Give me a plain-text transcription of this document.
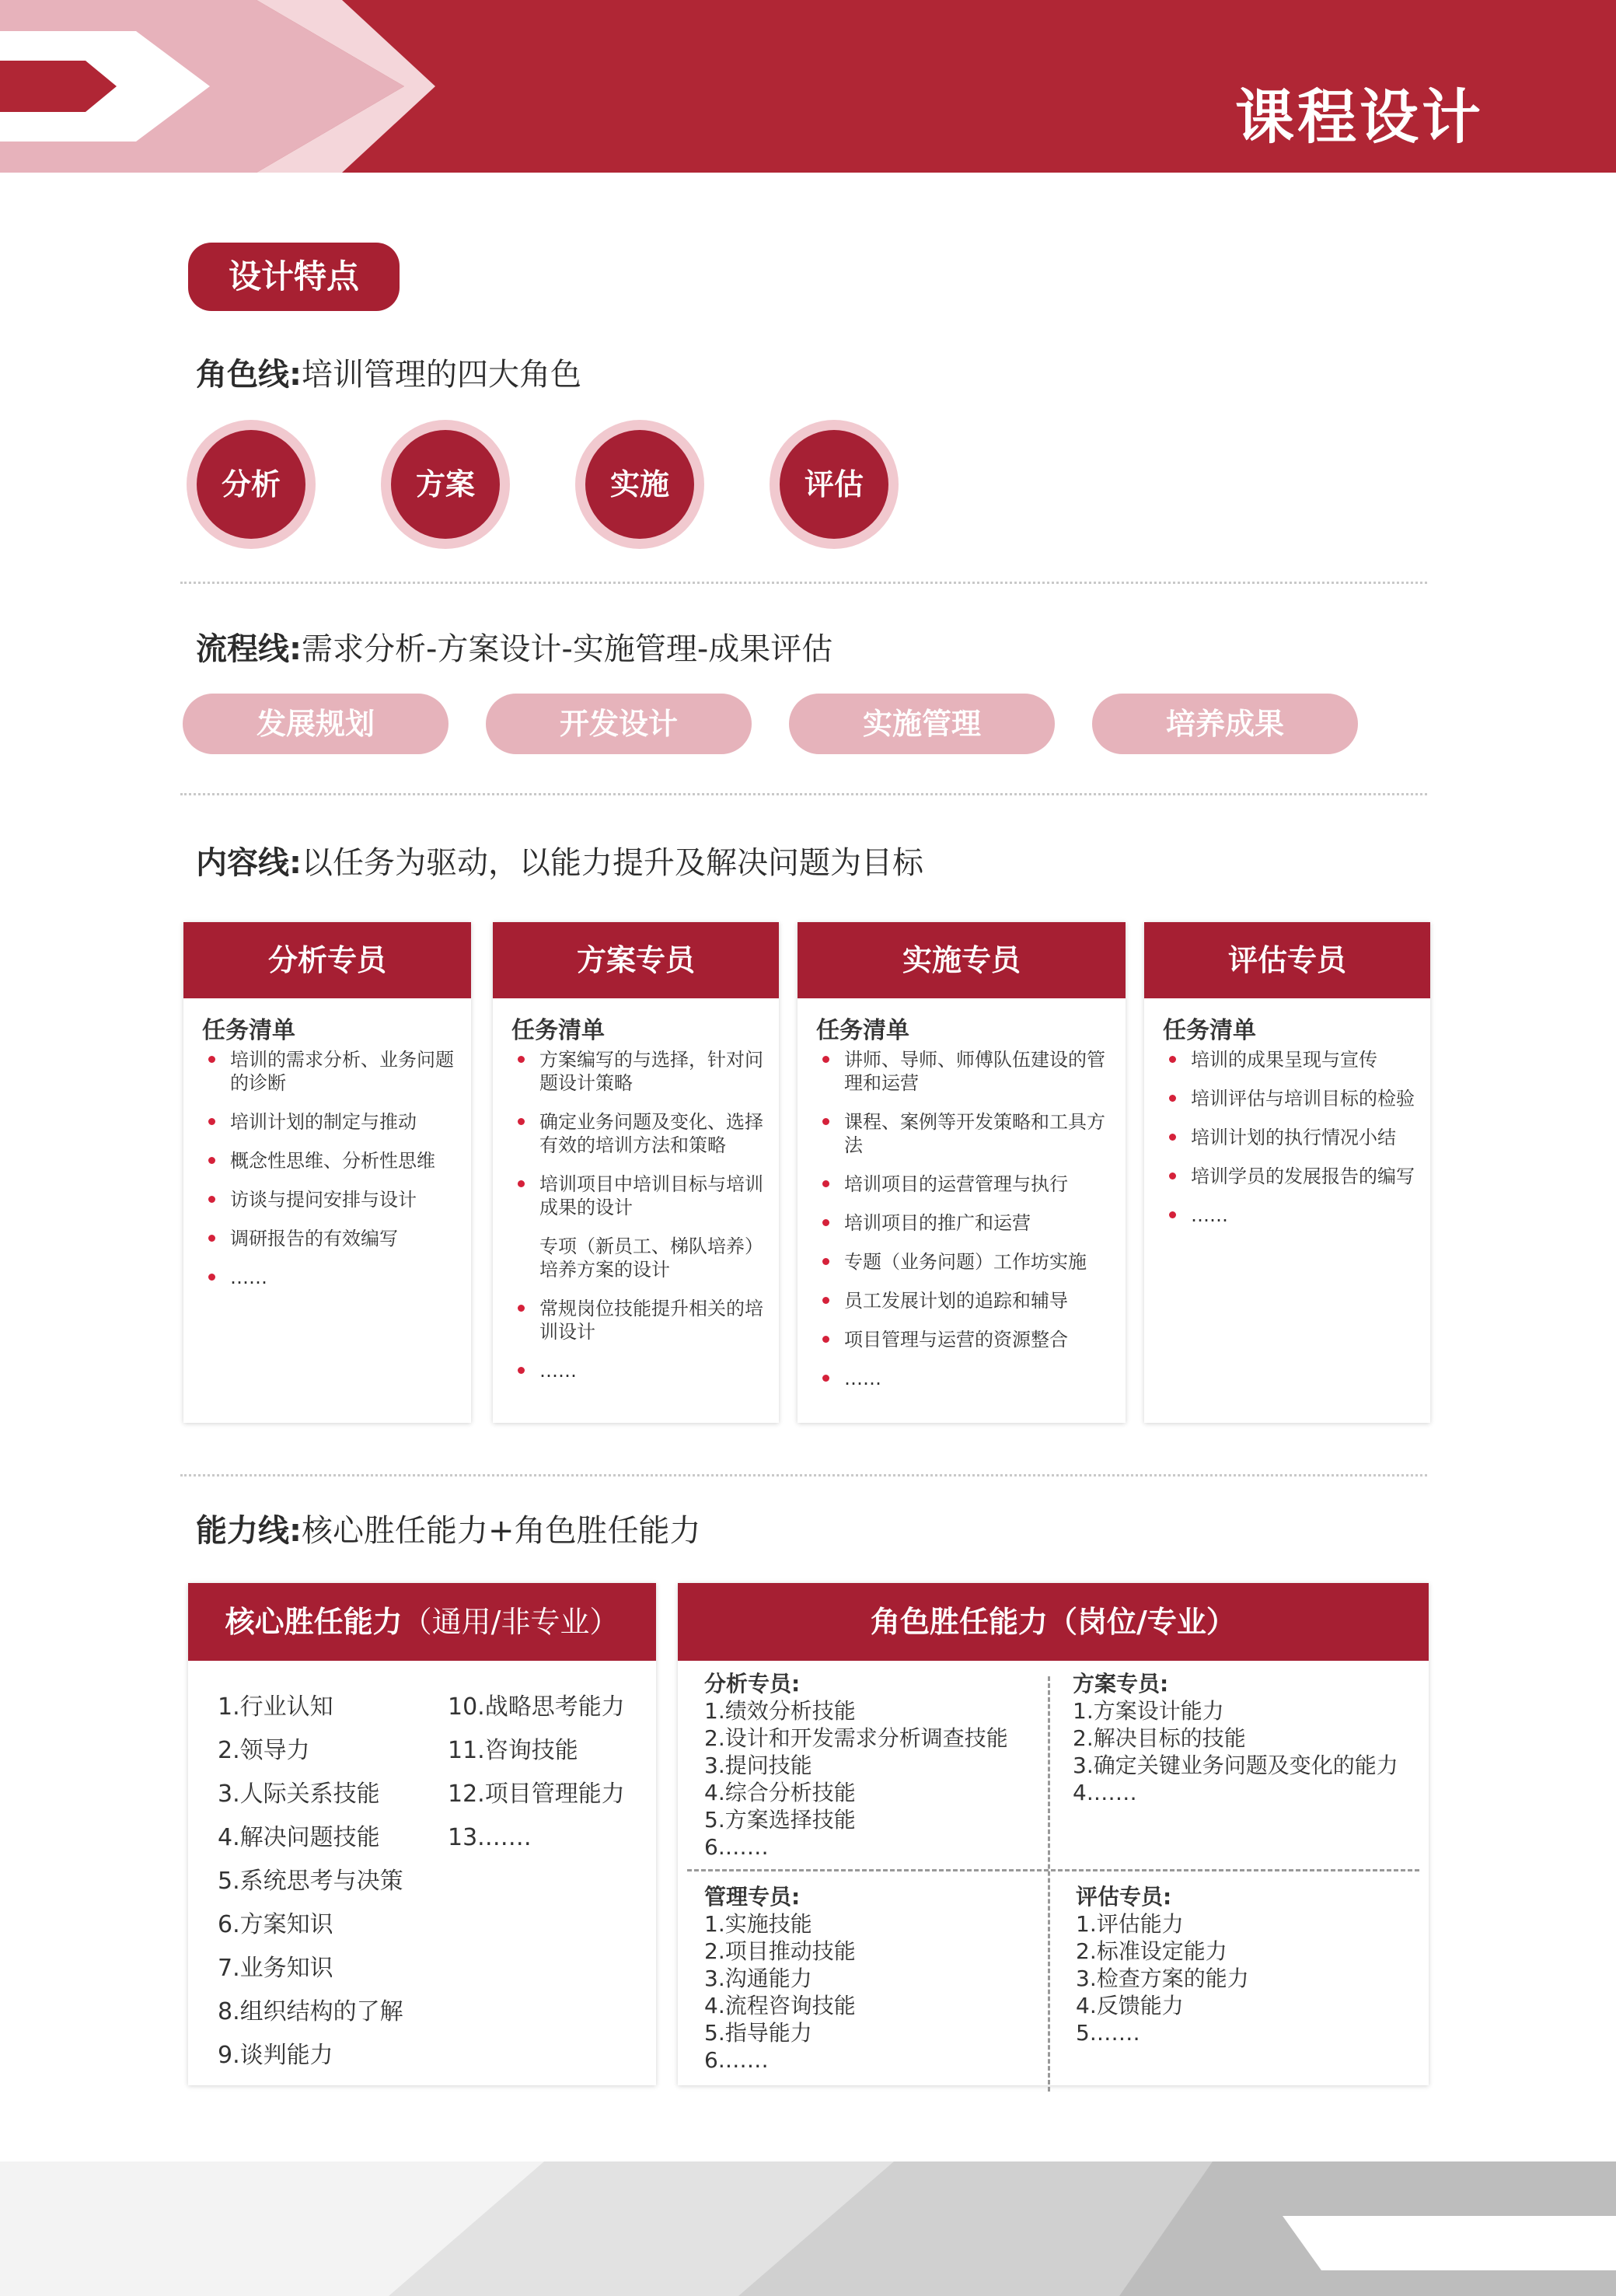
课程设计
设计特点
角色线:培训管理的四大角色
分析	方案	实施	评估
流程线:需求分析-方案设计-实施管理-成果评估
发展规划	开发设计	实施管理	培养成果
内容线:以任务为驱动，以能力提升及解决问题为目标
分析专员
任务清单
培训的需求分析、业务问题的诊断
培训计划的制定与推动
概念性思维、分析性思维
访谈与提问安排与设计
调研报告的有效编写
……
方案专员
任务清单
方案编写的与选择，针对问题设计策略
确定业务问题及变化、选择有效的培训方法和策略
培训项目中培训目标与培训成果的设计
专项（新员工、梯队培养）培养方案的设计
常规岗位技能提升相关的培训设计
……
实施专员
任务清单
讲师、导师、师傅队伍建设的管理和运营
课程、案例等开发策略和工具方法
培训项目的运营管理与执行
培训项目的推广和运营
专题（业务问题）工作坊实施
员工发展计划的追踪和辅导
项目管理与运营的资源整合
……
评估专员
任务清单
培训的成果呈现与宣传
培训评估与培训目标的检验
培训计划的执行情况小结
培训学员的发展报告的编写
……
能力线:核心胜任能力+角色胜任能力
核心胜任能力（通用/非专业）
1.行业认知
2.领导力
3.人际关系技能
4.解决问题技能
5.系统思考与决策
6.方案知识
7.业务知识
8.组织结构的了解
9.谈判能力
10.战略思考能力
11.咨询技能
12.项目管理能力
13.……
角色胜任能力（岗位/专业）
分析专员:
1.绩效分析技能
2.设计和开发需求分析调查技能
3.提问技能
4.综合分析技能
5.方案选择技能
6.……
方案专员:
1.方案设计能力
2.解决目标的技能
3.确定关键业务问题及变化的能力
4.……
管理专员:
1.实施技能
2.项目推动技能
3.沟通能力
4.流程咨询技能
5.指导能力
6.……
评估专员:
1.评估能力
2.标准设定能力
3.检查方案的能力
4.反馈能力
5.……
